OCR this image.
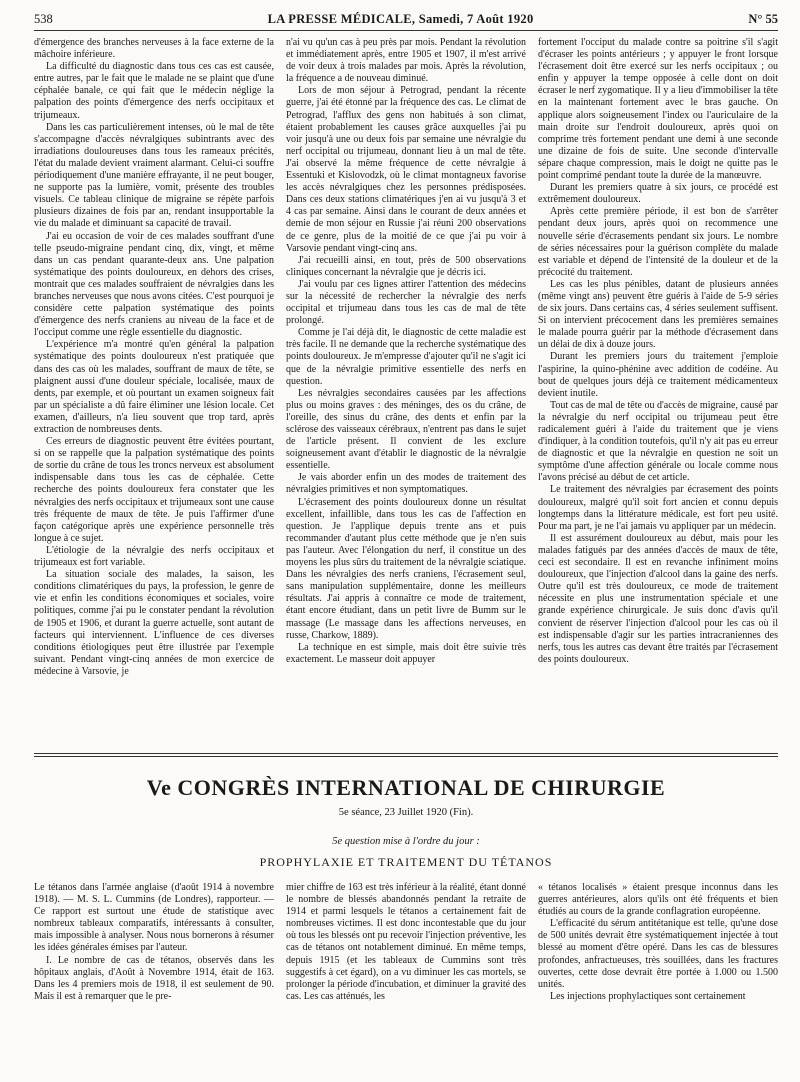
538	LA PRESSE MÉDICALE, Samedi, 7 Août 1920	N° 55

d'émergence des branches nerveuses à la face externe de la mâchoire inférieure.

La difficulté du diagnostic dans tous ces cas est causée, entre autres, par le fait que le malade ne se plaint que d'une céphalée banale, ce qui fait que le médecin néglige la palpation des points d'émergence des nerfs occipitaux et trijumeaux.

Dans les cas particulièrement intenses, où le mal de tête s'accompagne d'accès névralgiques subintrants avec des irradiations douloureuses dans tous les rameaux précités, l'état du malade devient vraiment alarmant. Celui-ci souffre périodiquement d'une manière effrayante, il ne peut bouger, ne supporte pas la lumière, vomit, présente des troubles visuels. Ce tableau clinique de migraine se répète parfois plusieurs dizaines de fois par an, rendant insupportable la vie du malade et diminuant sa capacité de travail.

J'ai eu occasion de voir de ces malades souffrant d'une telle pseudo-migraine pendant cinq, dix, vingt, et même dans un cas pendant quarante-deux ans. Une palpation systématique des points douloureux, en dehors des crises, montrait que ces malades souffraient de névralgies dans les branches nerveuses que nous avons citées. C'est pourquoi je considère cette palpation systématique des points d'émergence des nerfs craniens au niveau de la face et de l'occiput comme une règle essentielle du diagnostic.

L'expérience m'a montré qu'en général la palpation systématique des points douloureux n'est pratiquée que dans des cas où les malades, souffrant de maux de tête, se plaignent aussi d'une douleur spéciale, localisée, maux de dents, par exemple, et où pourtant un examen soigneux fait par un spécialiste a dû faire éliminer une lésion locale. Cet examen, d'ailleurs, n'a lieu souvent que trop tard, après extraction de nombreuses dents.

Ces erreurs de diagnostic peuvent être évitées pourtant, si on se rappelle que la palpation systématique des points de sortie du crâne de tous les troncs nerveux est absolument indispensable dans tous les cas de céphalée. Cette recherche des points douloureux fera constater que les névralgies des nerfs occipitaux et trijumeaux sont une cause très fréquente de maux de tête. Je puis l'affirmer d'une façon catégorique après une expérience personnelle très longue à ce sujet.

L'étiologie de la névralgie des nerfs occipitaux et trijumeaux est fort variable.

La situation sociale des malades, la saison, les conditions climatériques du pays, la profession, le genre de vie et enfin les conditions économiques et sociales, voire politiques, comme j'ai pu le constater pendant la révolution de 1905 et 1906, et durant la guerre actuelle, sont autant de facteurs qui interviennent. L'influence de ces diverses conditions étiologiques peut être illustrée par l'exemple suivant. Pendant vingt-cinq années de mon exercice de médecine à Varsovie, je

n'ai vu qu'un cas à peu près par mois. Pendant la révolution et immédiatement après, entre 1905 et 1907, il m'est arrivé de voir deux à trois malades par mois. Après la révolution, la fréquence a de nouveau diminué.

Lors de mon séjour à Petrograd, pendant la récente guerre, j'ai été étonné par la fréquence des cas. Le climat de Petrograd, l'afflux des gens non habitués à son climat, étaient probablement les causes grâce auxquelles j'ai pu voir jusqu'à une ou deux fois par semaine une névralgie du nerf occipital ou trijumeau, donnant lieu à un mal de tête. J'ai observé la même fréquence de cette névralgie à Essentuki et Kislovodzk, où le climat montagneux favorise les accès névralgiques chez les personnes prédisposées. Dans ces deux stations climatériques j'en ai vu jusqu'à 3 et 4 cas par semaine. Ainsi dans le courant de deux années et demie de mon séjour en Russie j'ai réuni 200 observations de ce genre, plus de la moitié de ce que j'ai pu voir à Varsovie pendant vingt-cinq ans.

J'ai recueilli ainsi, en tout, près de 500 observations cliniques concernant la névralgie que je décris ici.

J'ai voulu par ces lignes attirer l'attention des médecins sur la nécessité de rechercher la névralgie des nerfs occipital et trijumeau dans tous les cas de mal de tête prolongé.

Comme je l'ai déjà dit, le diagnostic de cette maladie est très facile. Il ne demande que la recherche systématique des points douloureux. Je m'empresse d'ajouter qu'il ne s'agit ici que de la névralgie primitive essentielle des nerfs en question.

Les névralgies secondaires causées par les affections plus ou moins graves : des méninges, des os du crâne, de l'oreille, des sinus du crâne, des dents et enfin par la sclérose des vaisseaux cérébraux, n'entrent pas dans le sujet de l'article présent. Il convient de les exclure soigneusement avant d'établir le diagnostic de la névralgie essentielle.

Je vais aborder enfin un des modes de traitement des névralgies primitives et non symptomatiques.

L'écrasement des points douloureux donne un résultat excellent, infaillible, dans tous les cas de l'affection en question. Je l'applique depuis trente ans et puis recommander d'autant plus cette méthode que je n'en suis pas l'auteur. Avec l'élongation du nerf, il constitue un des moyens les plus sûrs du traitement de la névralgie sciatique. Dans les névralgies des nerfs craniens, l'écrasement seul, sans manipulation supplémentaire, donne les meilleurs résultats. J'ai appris à connaître ce mode de traitement, étant encore étudiant, dans un petit livre de Bumm sur le massage (Le massage dans les affections nerveuses, en russe, Charkow, 1889).

La technique en est simple, mais doit être suivie très exactement. Le masseur doit appuyer

fortement l'occiput du malade contre sa poitrine s'il s'agit d'écraser les points antérieurs ; y appuyer le front lorsque l'écrasement doit être exercé sur les nerfs occipitaux ; ou enfin y appuyer la tempe opposée à celle dont on doit écraser le nerf zygomatique. Il y a lieu d'immobiliser la tête en la maintenant fortement avec le bras gauche. On applique alors soigneusement l'index ou l'auriculaire de la main droite sur l'endroit douloureux, après quoi on comprime très fortement pendant une demi à une seconde une dizaine de fois de suite. Une seconde d'intervalle sépare chaque compression, mais le doigt ne quitte pas le point comprimé pendant toute la durée de la manœuvre.

Durant les premiers quatre à six jours, ce procédé est extrêmement douloureux.

Après cette première période, il est bon de s'arrêter pendant deux jours, après quoi on recommence une nouvelle série d'écrasements pendant six jours. Le nombre de séries nécessaires pour la guérison complète du malade est variable et dépend de l'intensité de la douleur et de la précocité du traitement.

Les cas les plus pénibles, datant de plusieurs années (même vingt ans) peuvent être guéris à l'aide de 5-9 séries de six jours. Dans certains cas, 4 séries seulement suffisent. Si on intervient précocement dans les premières semaines le malade pourra guérir par la méthode d'écrasement dans un délai de dix à douze jours.

Durant les premiers jours du traitement j'emploie l'aspirine, la quino-phénine avec addition de codéine. Au bout de quelques jours déjà ce traitement médicamenteux devient inutile.

Tout cas de mal de tête ou d'accès de migraine, causé par la névralgie du nerf occipital ou trijumeau peut être radicalement guéri à l'aide du traitement que je viens d'indiquer, à la condition toutefois, qu'il n'y ait pas eu erreur de diagnostic et que la névralgie en question ne soit un symptôme d'une affection générale ou locale comme nous l'avons précisé au début de cet article.

Le traitement des névralgies par écrasement des points douloureux, malgré qu'il soit fort ancien et connu depuis longtemps dans la littérature médicale, est fort peu usité. Pour ma part, je ne l'ai jamais vu appliquer par un médecin.

Il est assurément douloureux au début, mais pour les malades fatigués par des années d'accès de maux de tête, ceci est secondaire. Il est en revanche infiniment moins douloureux, que l'injection d'alcool dans la gaine des nerfs. Outre qu'il est très douloureux, ce mode de traitement nécessite en plus une instrumentation spéciale et une grande expérience chirurgicale. Je suis donc d'avis qu'il convient de réserver l'injection d'alcool pour les cas où il est indispensable d'agir sur les parties intracraniennes des nerfs, tous les autres cas devant être traités par l'écrasement des points douloureux.

Ve CONGRÈS INTERNATIONAL DE CHIRURGIE
5e séance, 23 Juillet 1920 (Fin).
5e question mise à l'ordre du jour :
PROPHYLAXIE ET TRAITEMENT DU TÉTANOS

Le tétanos dans l'armée anglaise (d'août 1914 à novembre 1918). — M. S. L. Cummins (de Londres), rapporteur. — Ce rapport est surtout une étude de statistique avec nombreux tableaux comparatifs, intéressants à consulter, mais impossible à analyser. Nous nous bornerons à résumer les idées générales émises par l'auteur.

I. Le nombre de cas de tétanos, observés dans les hôpitaux anglais, d'Août à Novembre 1914, était de 163. Dans les 4 premiers mois de 1918, il est seulement de 90. Mais il est à remarquer que le pre-

mier chiffre de 163 est très inférieur à la réalité, étant donné le nombre de blessés abandonnés pendant la retraite de 1914 et parmi lesquels le tétanos a certainement fait de nombreuses victimes. Il est donc incontestable que du jour où tous les blessés ont pu recevoir l'injection préventive, les cas de tétanos ont notablement diminué. En même temps, depuis 1915 (et les tableaux de Cummins sont très suggestifs à cet égard), on a vu diminuer les cas mortels, se prolonger la période d'incubation, et diminuer la gravité des cas. Les cas atténués, les

« tétanos localisés » étaient presque inconnus dans les guerres antérieures, alors qu'ils ont été fréquents et bien étudiés au cours de la grande conflagration européenne.

L'efficacité du sérum antitétanique est telle, qu'une dose de 500 unités devrait être systématiquement injectée à tout blessé au moment d'être opéré. Dans les cas de blessures profondes, anfractueuses, très souillées, dans les fractures ouvertes, cette dose devrait être portée à 1.000 ou 1.500 unités.

Les injections prophylactiques sont certainement
